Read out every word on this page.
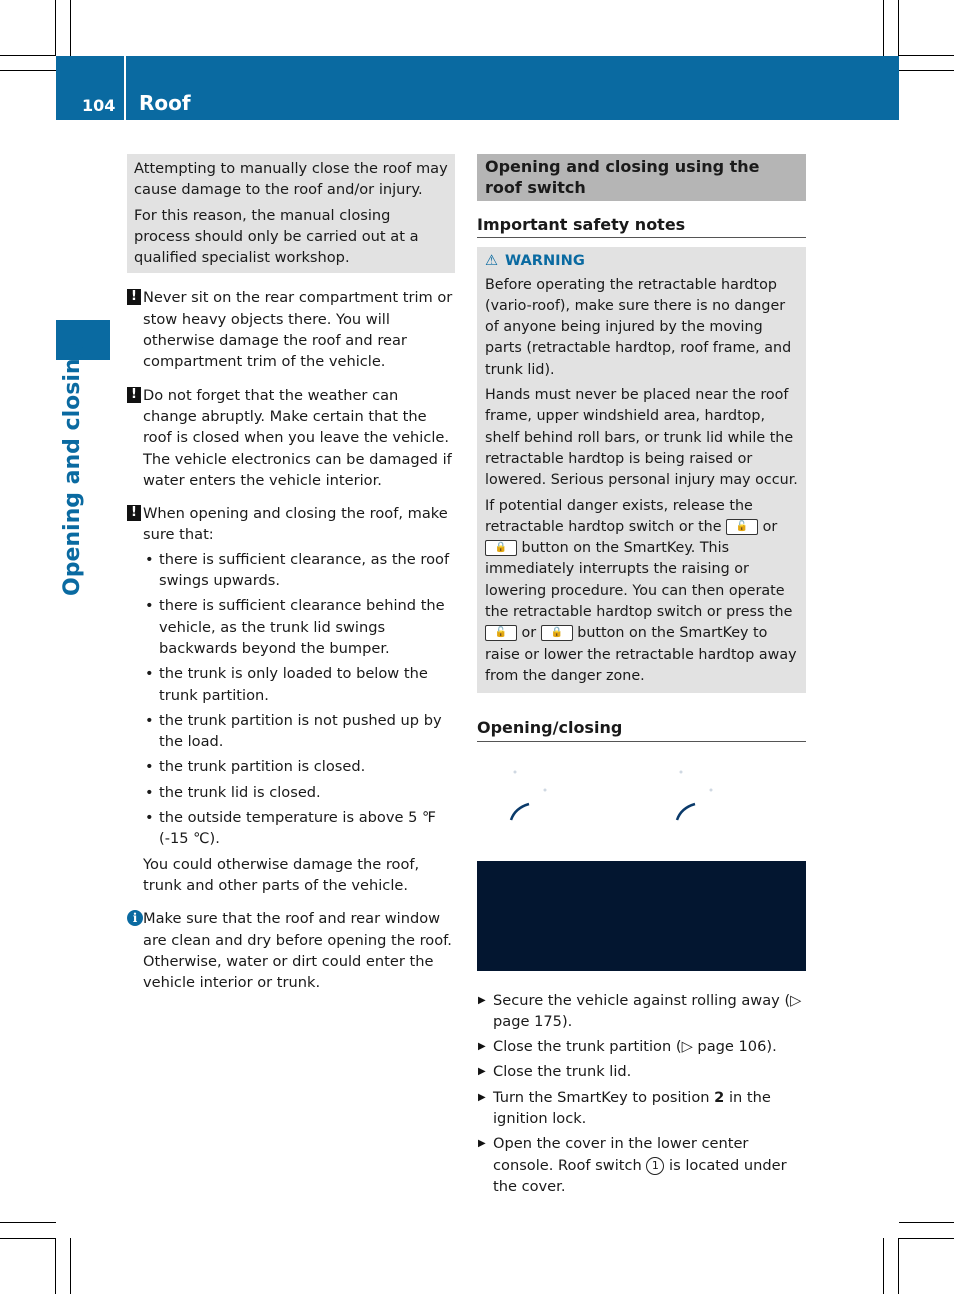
104 Roof
Opening and closing

Attempting to manually close the roof may cause damage to the roof and/or injury.

For this reason, the manual closing process should only be carried out at a qualified specialist workshop.

! Never sit on the rear compartment trim or stow heavy objects there. You will otherwise damage the roof and rear compartment trim of the vehicle.
! Do not forget that the weather can change abruptly. Make certain that the roof is closed when you leave the vehicle. The vehicle electronics can be damaged if water enters the vehicle interior.
! When opening and closing the roof, make sure that:
• there is sufficient clearance, as the roof swings upwards.
• there is sufficient clearance behind the vehicle, as the trunk lid swings backwards beyond the bumper.
• the trunk is only loaded to below the trunk partition.
• the trunk partition is not pushed up by the load.
• the trunk partition is closed.
• the trunk lid is closed.
• the outside temperature is above 5 ℉ (-15 ℃).

You could otherwise damage the roof, trunk and other parts of the vehicle.

i Make sure that the roof and rear window are clean and dry before opening the roof. Otherwise, water or dirt could enter the vehicle interior or trunk.
Opening and closing using the roof switch
Important safety notes
⚠ WARNING

Before operating the retractable hardtop (vario-roof), make sure there is no danger of anyone being injured by the moving parts (retractable hardtop, roof frame, and trunk lid).

Hands must never be placed near the roof frame, upper windshield area, hardtop, shelf behind roll bars, or trunk lid while the retractable hardtop is being raised or lowered. Serious personal injury may occur.

If potential danger exists, release the retractable hardtop switch or the 🔓 or 🔒 button on the SmartKey. This immediately interrupts the raising or lowering procedure. You can then operate the retractable hardtop switch or press the 🔓 or 🔒 button on the SmartKey to raise or lower the retractable hardtop away from the danger zone.

Opening/closing
▶ Secure the vehicle against rolling away (▷ page 175).
▶ Close the trunk partition (▷ page 106).
▶ Close the trunk lid.
▶ Turn the SmartKey to position 2 in the ignition lock.
▶ Open the cover in the lower center console. Roof switch 1 is located under the cover.
